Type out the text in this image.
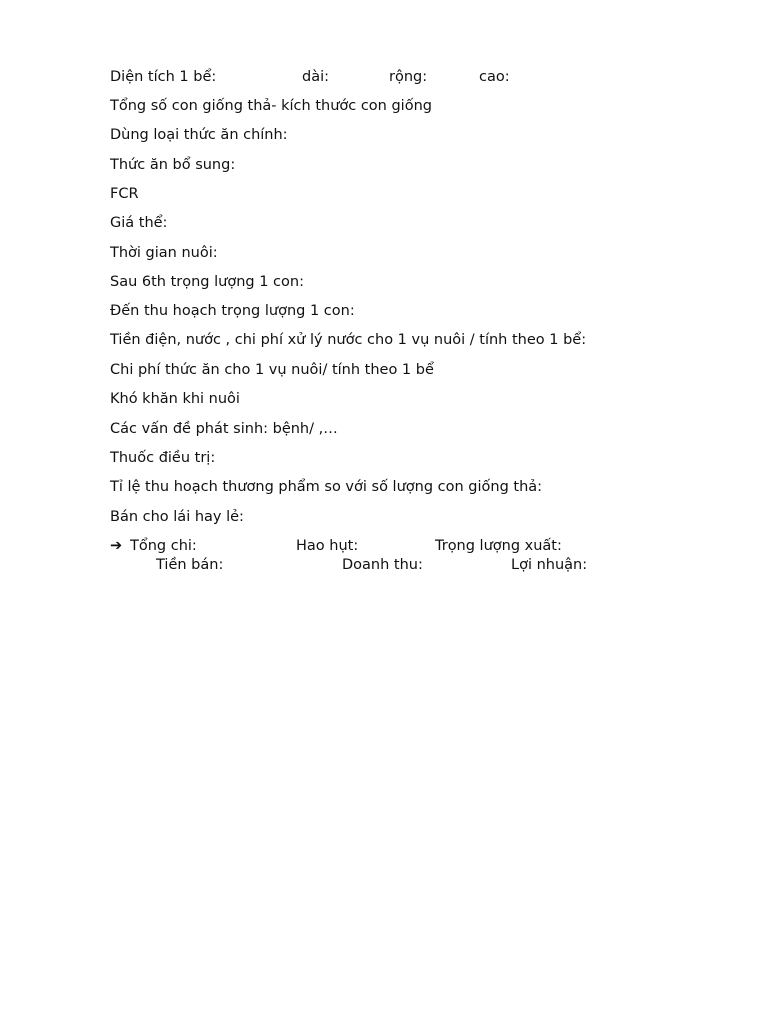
Diện tích 1 bể:	dài:	rộng:	cao:
Tổng số con giống thả- kích thước con giống
Dùng loại thức ăn chính:
Thức ăn bổ sung:
FCR
Giá thể:
Thời gian nuôi:
Sau 6th trọng lượng 1 con:
Đến thu hoạch trọng lượng 1 con:
Tiền điện, nước , chi phí xử lý nước cho 1 vụ nuôi / tính theo 1 bể:
Chi phí thức ăn cho 1 vụ nuôi/ tính theo 1 bể
Khó khăn khi nuôi
Các vấn đề phát sinh: bệnh/ ,…
Thuốc điều trị:
Tỉ lệ thu hoạch thương phẩm so với số lượng con giống thả:
Bán cho lái hay lẻ:
➔ Tổng chi:	Hao hụt:	Trọng lượng xuất:
Tiền bán:	Doanh thu:	Lợi nhuận:
